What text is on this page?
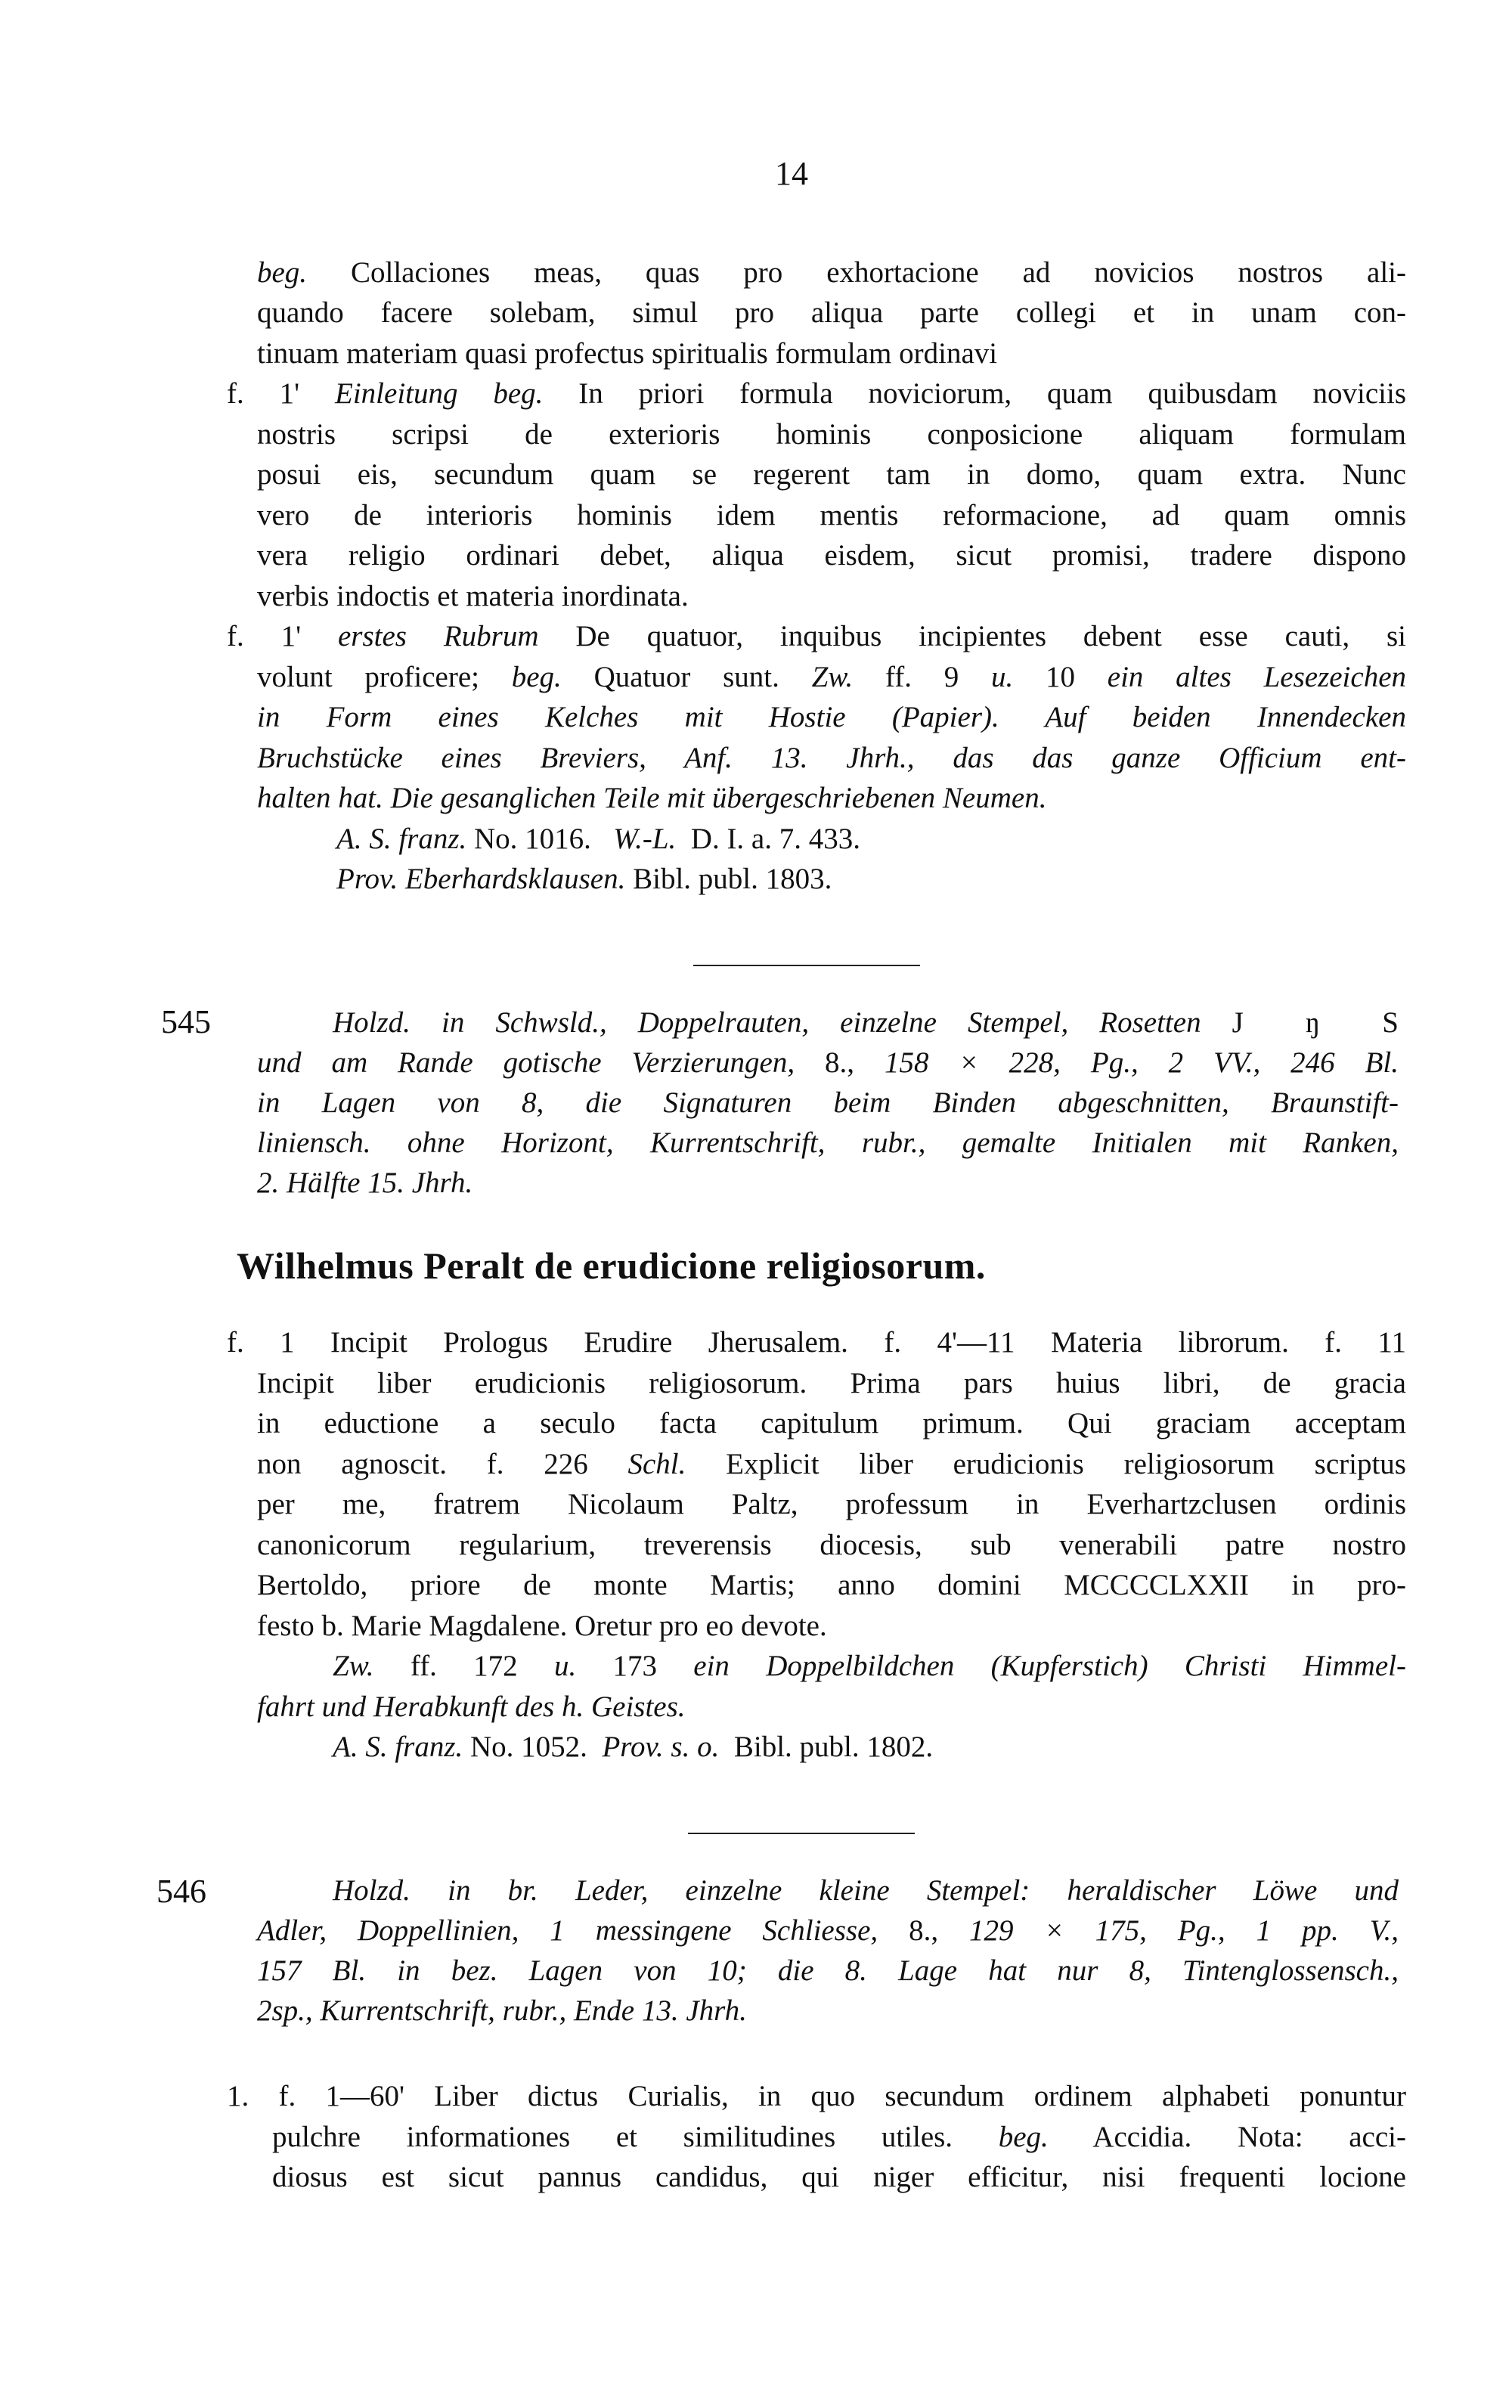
14
beg. Collaciones meas, quas pro exhortacione ad novicios nostros ali-
quando facere solebam, simul pro aliqua parte collegi et in unam con-
tinuam materiam quasi profectus spiritualis formulam ordinavi
f. 1' Einleitung beg. In priori formula noviciorum, quam quibusdam noviciis
nostris scripsi de exterioris hominis conposicione aliquam formulam
posui eis, secundum quam se regerent tam in domo, quam extra. Nunc
vero de interioris hominis idem mentis reformacione, ad quam omnis
vera religio ordinari debet, aliqua eisdem, sicut promisi, tradere dispono
verbis indoctis et materia inordinata.
f. 1' erstes Rubrum De quatuor, inquibus incipientes debent esse cauti, si
volunt proficere; beg. Quatuor sunt. Zw. ff. 9 u. 10 ein altes Lesezeichen
in Form eines Kelches mit Hostie (Papier). Auf beiden Innendecken
Bruchstücke eines Breviers, Anf. 13. Jhrh., das das ganze Officium ent-
halten hat. Die gesanglichen Teile mit übergeschriebenen Neumen.
A. S. franz. No. 1016.   W.-L.  D. I. a. 7. 433.
Prov. Eberhardsklausen. Bibl. publ. 1803.
545	Holzd. in Schwsld., Doppelrauten, einzelne Stempel, Rosetten J  ŋ  S
und am Rande gotische Verzierungen, 8., 158 × 228, Pg., 2 VV., 246 Bl.
in Lagen von 8, die Signaturen beim Binden abgeschnitten, Braunstift-
liniensch. ohne Horizont, Kurrentschrift, rubr., gemalte Initialen mit Ranken,
2. Hälfte 15. Jhrh.
Wilhelmus Peralt de erudicione religiosorum.
f. 1 Incipit Prologus Erudire Jherusalem. f. 4'—11 Materia librorum. f. 11
Incipit liber erudicionis religiosorum. Prima pars huius libri, de gracia
in eductione a seculo facta capitulum primum. Qui graciam acceptam
non agnoscit. f. 226 Schl. Explicit liber erudicionis religiosorum scriptus
per me, fratrem Nicolaum Paltz, professum in Everhartzclusen ordinis
canonicorum regularium, treverensis diocesis, sub venerabili patre nostro
Bertoldo, priore de monte Martis; anno domini MCCCCLXXII in pro-
festo b. Marie Magdalene. Oretur pro eo devote.
Zw. ff. 172 u. 173 ein Doppelbildchen (Kupferstich) Christi Himmel-
fahrt und Herabkunft des h. Geistes.
A. S. franz. No. 1052.  Prov. s. o.  Bibl. publ. 1802.
546	Holzd. in br. Leder, einzelne kleine Stempel: heraldischer Löwe und
Adler, Doppellinien, 1 messingene Schliesse, 8., 129 × 175, Pg., 1 pp. V.,
157 Bl. in bez. Lagen von 10; die 8. Lage hat nur 8, Tintenglossensch.,
2sp., Kurrentschrift, rubr., Ende 13. Jhrh.
1. f. 1—60' Liber dictus Curialis, in quo secundum ordinem alphabeti ponuntur
pulchre informationes et similitudines utiles. beg. Accidia. Nota: acci-
diosus est sicut pannus candidus, qui niger efficitur, nisi frequenti locione
